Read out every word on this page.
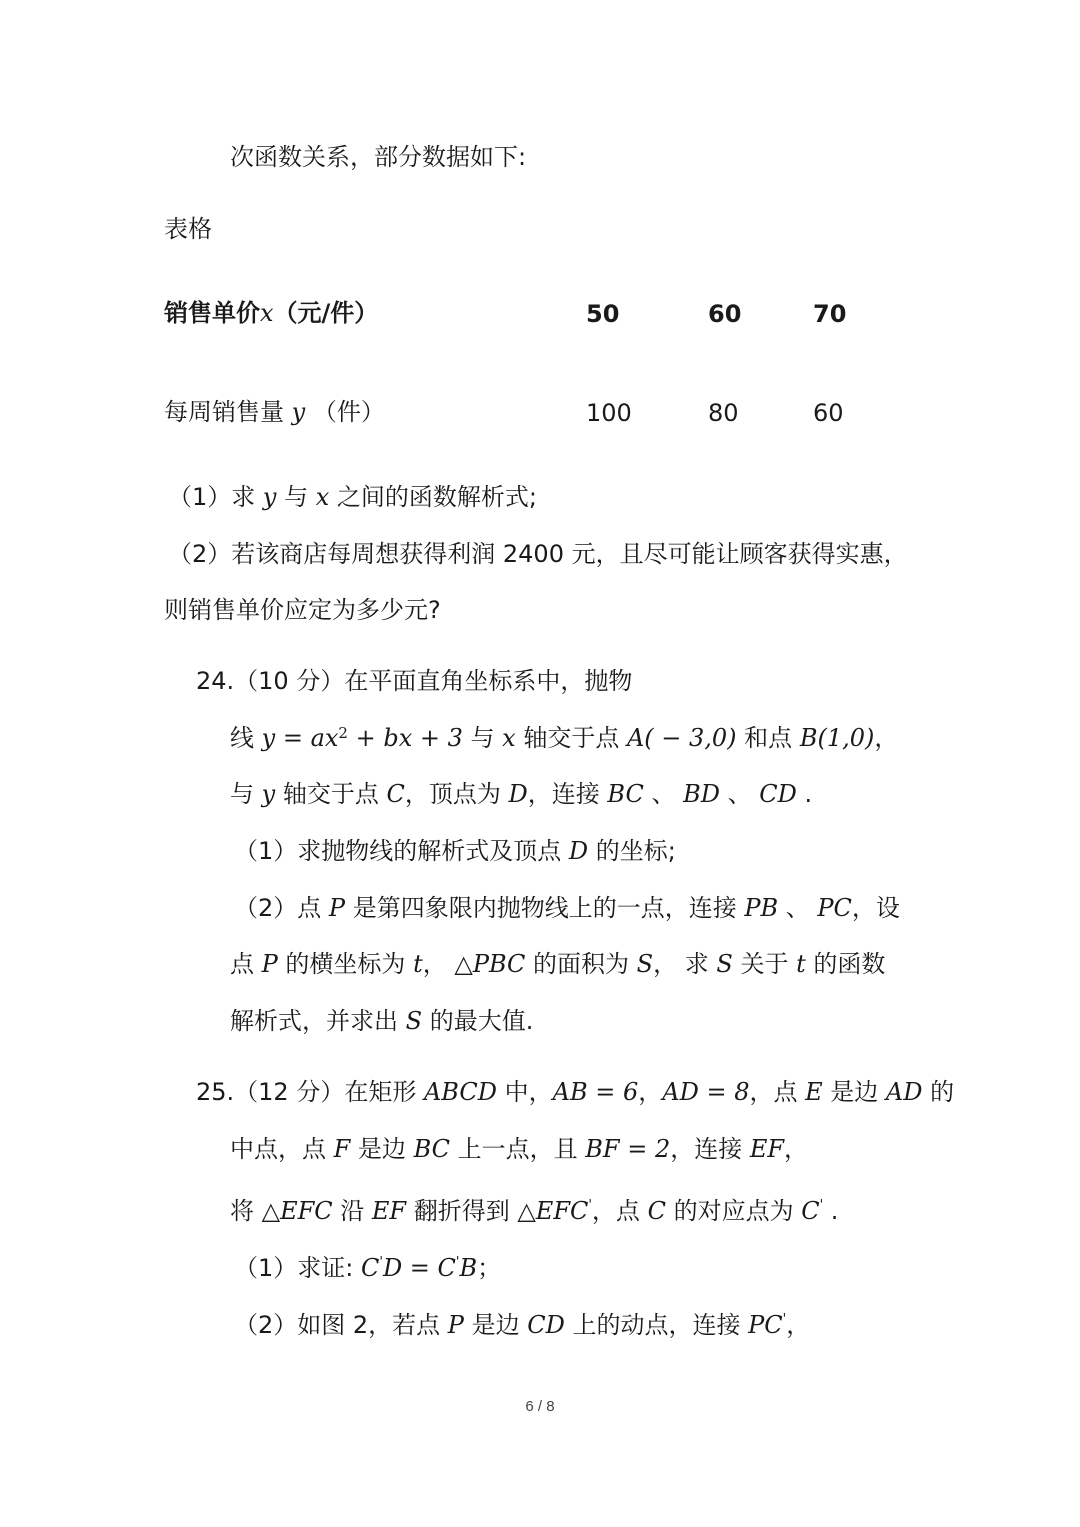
次函数关系，部分数据如下:
表格
销售单价x（元/件）	50	60	70
每周销售量 y （件）	100	80	60
（1）求 y 与 x 之间的函数解析式;
（2）若该商店每周想获得利润 2400 元，且尽可能让顾客获得实惠，
则销售单价应定为多少元?
24.（10 分）在平面直角坐标系中，抛物
线 $y = ax^2$ + bx + 3 与 x 轴交于点 A( − 3,0) 和点 B(1,0)，
与 y 轴交于点 C，顶点为 D，连接 BC 、 BD 、 CD .
（1）求抛物线的解析式及顶点 D 的坐标;
（2）点 P 是第四象限内抛物线上的一点，连接 PB 、 PC，设
点 P 的横坐标为 t， △PBC 的面积为 S， 求 S 关于 t 的函数
解析式，并求出 S 的最大值.
25.（12 分）在矩形 ABCD 中，AB = 6，AD = 8，点 E 是边 AD 的
中点，点 F 是边 BC 上一点，且 BF = 2，连接 EF，
将 △EFC 沿 EF 翻折得到 △EFC'，点 C 的对应点为 C' .
（1）求证: C'D = C'B；
（2）如图 2，若点 P 是边 CD 上的动点，连接 PC'，
6 / 8
